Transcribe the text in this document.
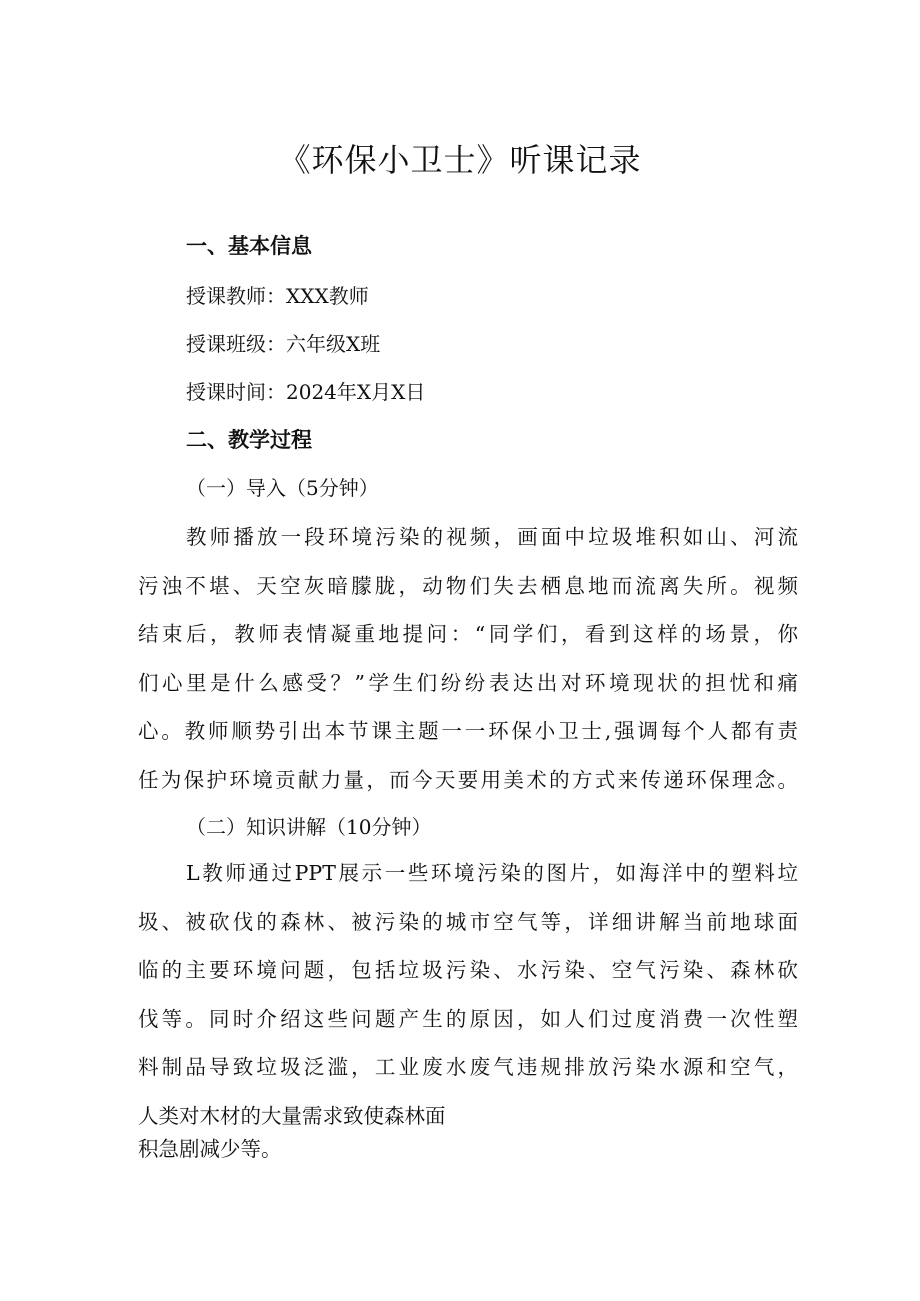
《环保小卫士》听课记录
一、基本信息

授课教师：XXX教师

授课班级：六年级X班

授课时间：2024年X月X日

二、教学过程

（一）导入（5分钟）

教师播放一段环境污染的视频，画面中垃圾堆积如山、河流
污浊不堪、天空灰暗朦胧，动物们失去栖息地而流离失所。视频
结束后，教师表情凝重地提问：“同学们，看到这样的场景，你
们心里是什么感受？”学生们纷纷表达出对环境现状的担忧和痛
心。教师顺势引出本节课主题一一环保小卫士,强调每个人都有责
任为保护环境贡献力量，而今天要用美术的方式来传递环保理念。

（二）知识讲解（10分钟）

L教师通过PPT展示一些环境污染的图片，如海洋中的塑料垃
圾、被砍伐的森林、被污染的城市空气等，详细讲解当前地球面
临的主要环境问题，包括垃圾污染、水污染、空气污染、森林砍
伐等。同时介绍这些问题产生的原因，如人们过度消费一次性塑
料制品导致垃圾泛滥，工业废水废气违规排放污染水源和空气，

人类对木材的大量需求致使森林面

积急剧减少等。
